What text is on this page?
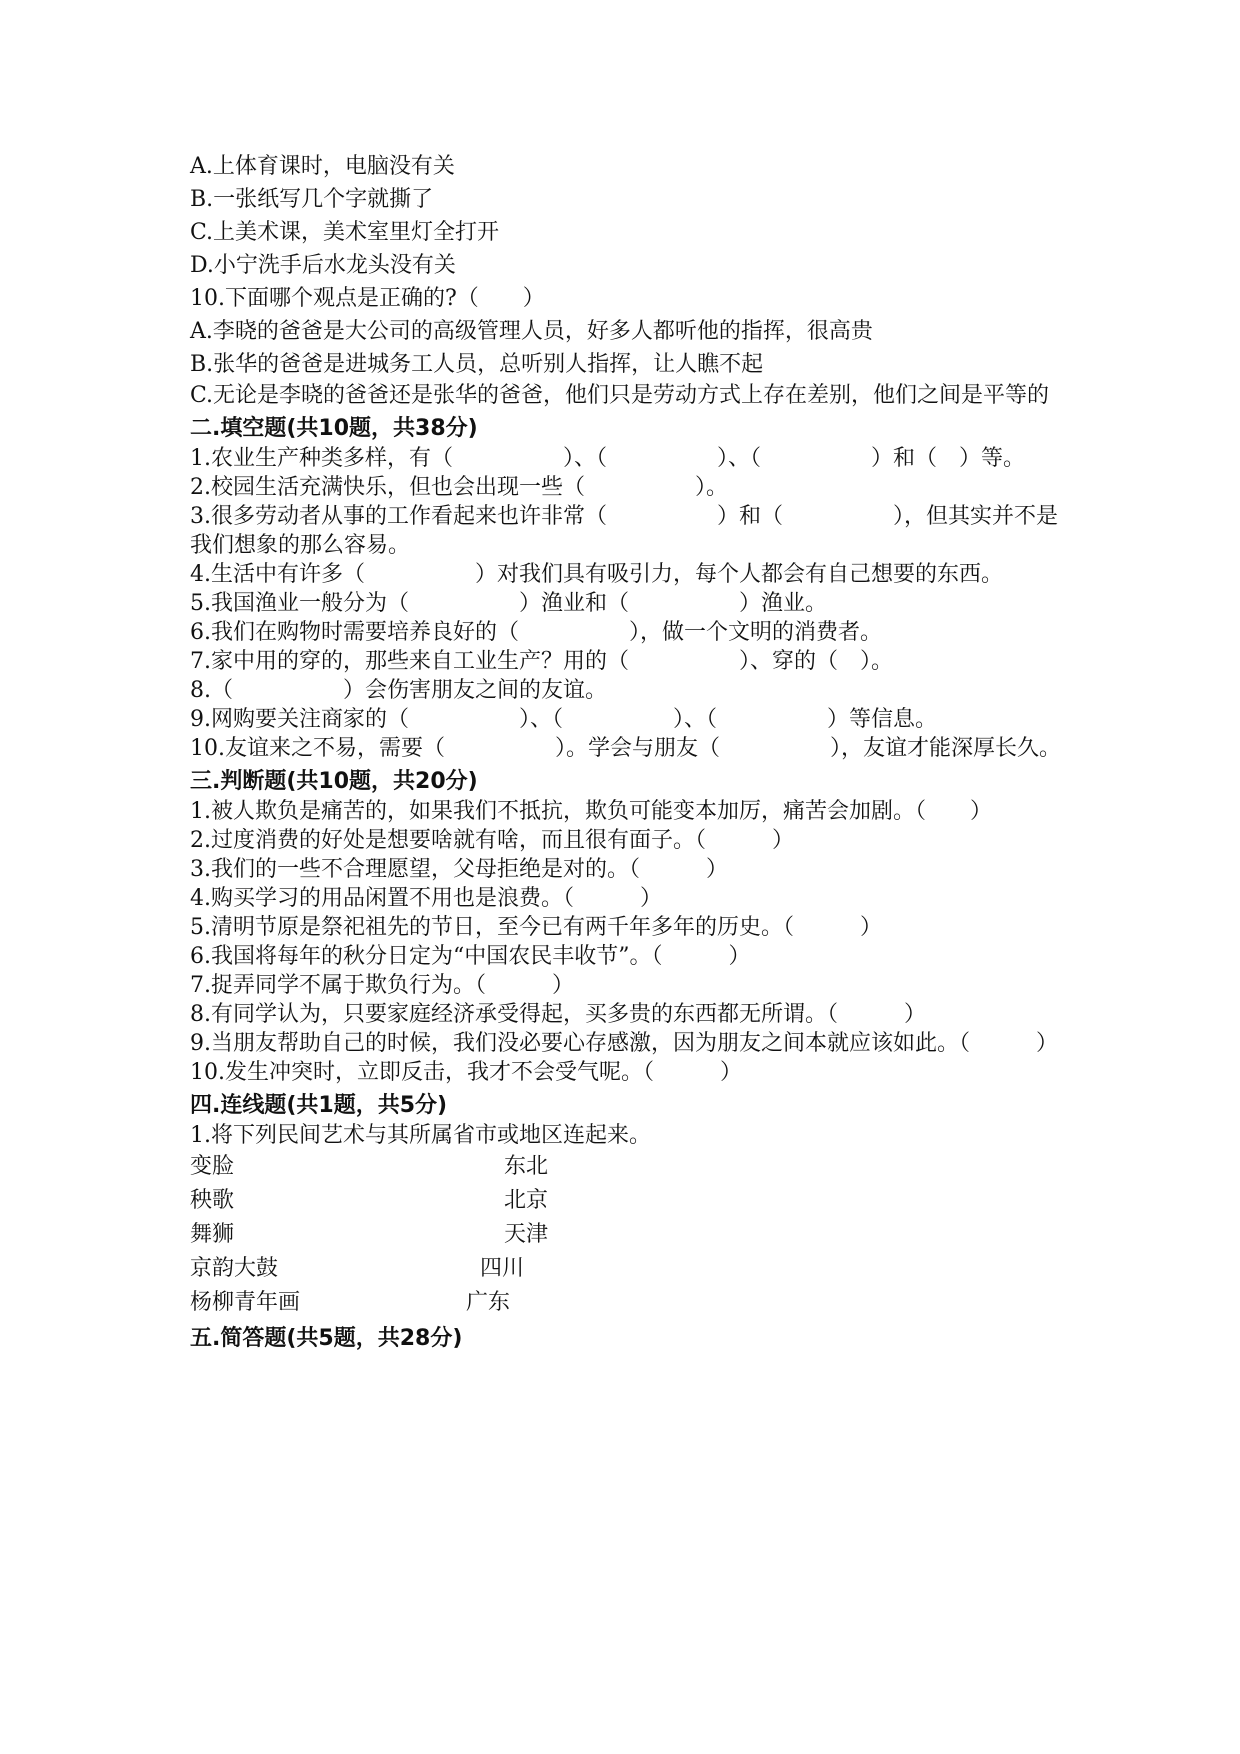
A.上体育课时，电脑没有关
B.一张纸写几个字就撕了
C.上美术课，美术室里灯全打开
D.小宁洗手后水龙头没有关
10.下面哪个观点是正确的?（　　）
A.李晓的爸爸是大公司的高级管理人员，好多人都听他的指挥，很高贵
B.张华的爸爸是进城务工人员，总听别人指挥，让人瞧不起
C.无论是李晓的爸爸还是张华的爸爸，他们只是劳动方式上存在差别，他们之间是平等的
二.填空题(共10题，共38分)
1.农业生产种类多样，有（　　　　　）、（　　　　　）、（　　　　　）和（　）等。
2.校园生活充满快乐，但也会出现一些（　　　　　）。
3.很多劳动者从事的工作看起来也许非常（　　　　　）和（　　　　　），但其实并不是我们想象的那么容易。
4.生活中有许多（　　　　　）对我们具有吸引力，每个人都会有自己想要的东西。
5.我国渔业一般分为（　　　　　）渔业和（　　　　　）渔业。
6.我们在购物时需要培养良好的（　　　　　），做一个文明的消费者。
7.家中用的穿的，那些来自工业生产？用的（　　　　　）、穿的（　）。
8.（　　　　　）会伤害朋友之间的友谊。
9.网购要关注商家的（　　　　　）、（　　　　　）、（　　　　　）等信息。
10.友谊来之不易，需要（　　　　　）。学会与朋友（　　　　　），友谊才能深厚长久。
三.判断题(共10题，共20分)
1.被人欺负是痛苦的，如果我们不抵抗，欺负可能变本加厉，痛苦会加剧。（　　）
2.过度消费的好处是想要啥就有啥，而且很有面子。（　　　）
3.我们的一些不合理愿望，父母拒绝是对的。（　　　）
4.购买学习的用品闲置不用也是浪费。（　　　）
5.清明节原是祭祀祖先的节日，至今已有两千年多年的历史。（　　　）
6.我国将每年的秋分日定为“中国农民丰收节”。（　　　）
7.捉弄同学不属于欺负行为。（　　　）
8.有同学认为，只要家庭经济承受得起，买多贵的东西都无所谓。（　　　）
9.当朋友帮助自己的时候，我们没必要心存感激，因为朋友之间本就应该如此。（　　　）
10.发生冲突时，立即反击，我才不会受气呢。（　　　）
四.连线题(共1题，共5分)
1.将下列民间艺术与其所属省市或地区连起来。
变脸	东北
秧歌	北京
舞狮	天津
京韵大鼓	四川
杨柳青年画	广东
五.简答题(共5题，共28分)
